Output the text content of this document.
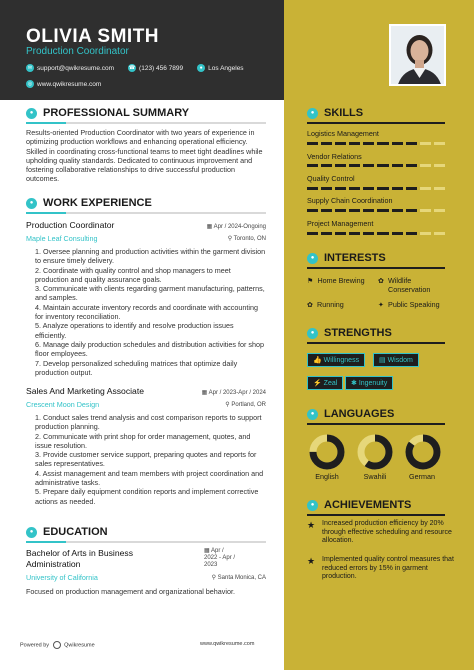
OLIVIA SMITH
Production Coordinator
✉ support@qwikresume.com	☎ (123) 456 7899	● Los Angeles
◎ www.qwikresume.com
● PROFESSIONAL SUMMARY
Results-oriented Production Coordinator with two years of experience in optimizing production workflows and enhancing operational efficiency. Skilled in coordinating cross-functional teams to meet tight deadlines while upholding quality standards. Dedicated to continuous improvement and fostering collaborative relationships to drive successful production outcomes.
● WORK EXPERIENCE
Production Coordinator
Maple Leaf Consulting
▦ Apr / 2024-Ongoing
⚲ Toronto, ON
1. Oversee planning and production activities within the garment division to ensure timely delivery.
2. Coordinate with quality control and shop managers to meet production and quality assurance goals.
3. Communicate with clients regarding garment manufacturing, patterns, and samples.
4. Maintain accurate inventory records and coordinate with accounting for inventory reconciliation.
5. Analyze operations to identify and resolve production issues efficiently.
6. Manage daily production schedules and distribution activities for shop floor employees.
7. Develop personalized scheduling matrices that optimize daily production output.
Sales And Marketing Associate
Crescent Moon Design
▦ Apr / 2023-Apr / 2024
⚲ Portland, OR
1. Conduct sales trend analysis and cost comparison reports to support production planning.
2. Communicate with print shop for order management, quotes, and issue resolution.
3. Provide customer service support, preparing quotes and reports for sales representatives.
4. Assist management and team members with project coordination and administrative tasks.
5. Prepare daily equipment condition reports and implement corrective actions as needed.
● EDUCATION
Bachelor of Arts in Business
Administration
University of California
▦ Apr /
2022 - Apr /
2023
⚲ Santa Monica, CA
Focused on production management and organizational behavior.
Powered by	Qwikresume	www.qwikresume.com
● SKILLS
Logistics Management
Vendor Relations
Quality Control
Supply Chain Coordination
Project Management
● INTERESTS
⚑ Home Brewing ✿ Wildlife Conservation
✿ Running	✦ Public Speaking
● STRENGTHS
👍 Willingness	▤ Wisdom
⚡ Zeal	✱ Ingenuity
● LANGUAGES
English	Swahili	German
● ACHIEVEMENTS
★ Increased production efficiency by 20% through effective scheduling and resource allocation.
★ Implemented quality control measures that reduced errors by 15% in garment production.
